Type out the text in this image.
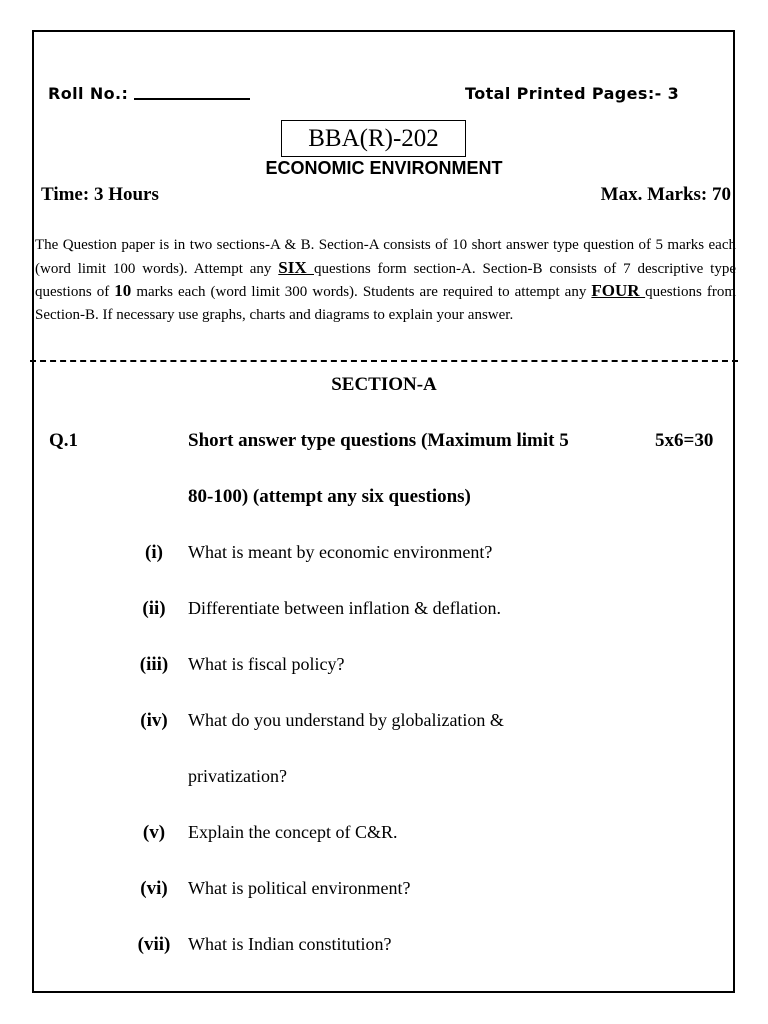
Roll No.:	Total Printed Pages:- 3
BBA(R)-202
ECONOMIC ENVIRONMENT
Time: 3 Hours	Max. Marks: 70
The Question paper is in two sections-A & B. Section-A consists of 10 short answer type question of 5 marks each (word limit 100 words). Attempt any SIX questions form section-A. Section-B consists of 7 descriptive type questions of 10 marks each (word limit 300 words). Students are required to attempt any FOUR questions from Section-B. If necessary use graphs, charts and diagrams to explain your answer.
SECTION-A
Q.1	Short answer type questions (Maximum limit 5	5x6=30
80-100) (attempt any six questions)
(i)	What is meant by economic environment?
(ii)	Differentiate between inflation & deflation.
(iii)	What is fiscal policy?
(iv)	What do you understand by globalization &
privatization?
(v)	Explain the concept of C&R.
(vi)	What is political environment?
(vii) What is Indian constitution?
